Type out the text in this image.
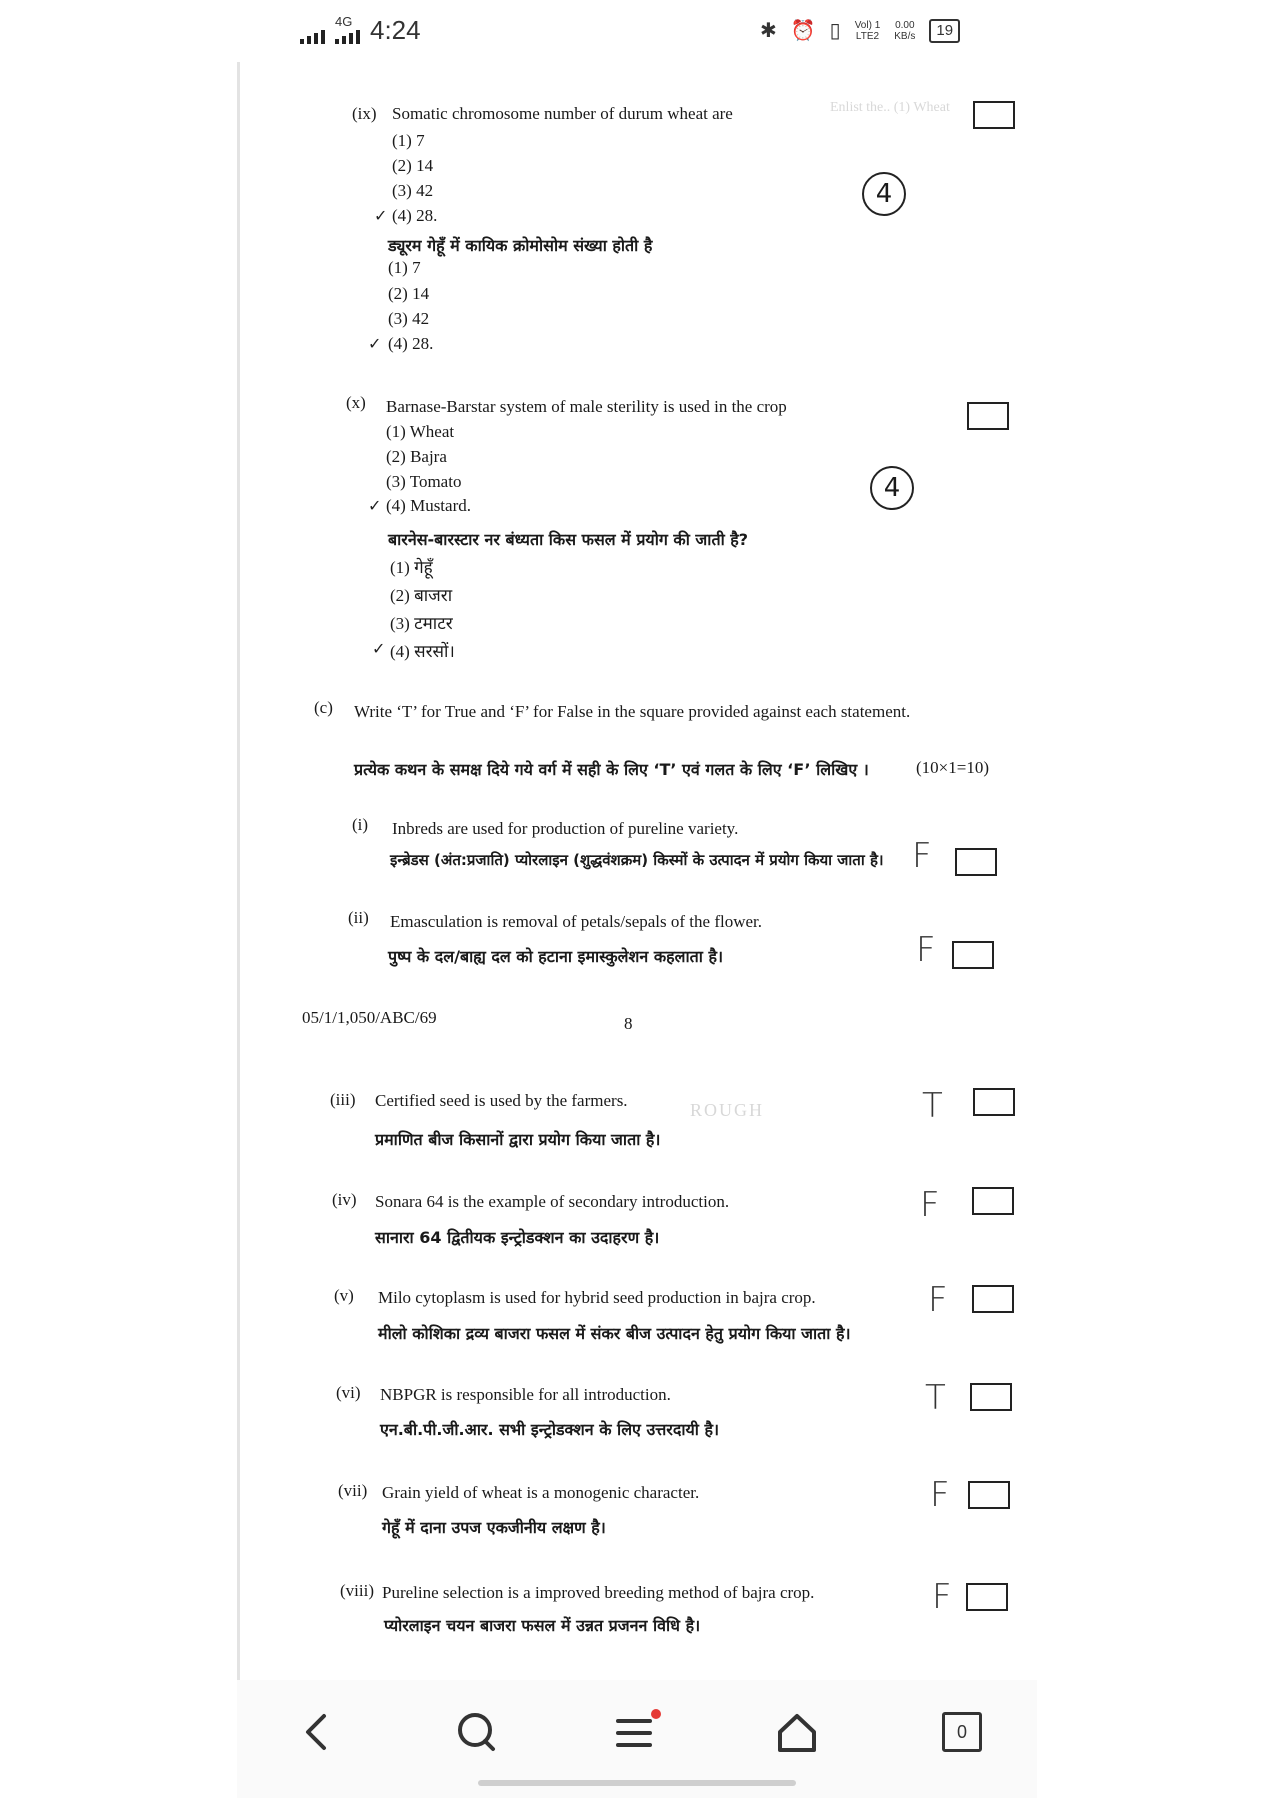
4G 4:24	✱ ⏰ ▯ Vol) 1
LTE2
0.00
KB/s	19
Enlist the.. (1) Wheat
ROUGH
(ix) Somatic chromosome number of durum wheat are
(1) 7
(2) 14
(3) 42
(4) 28.
✓
4
ड्यूरम गेहूँ में कायिक क्रोमोसोम संख्या होती है
(1) 7
(2) 14
(3) 42
(4) 28.
✓
(x) Barnase-Barstar system of male sterility is used in the crop
(1) Wheat
(2) Bajra
(3) Tomato
(4) Mustard.
✓
4
बारनेस-बारस्टार नर बंध्यता किस फसल में प्रयोग की जाती है?
(1) गेहूँ
(2) बाजरा
(3) टमाटर
(4) सरसों।
✓
(c) Write ‘T’ for True and ‘F’ for False in the square provided against each statement.
(10×1=10)
प्रत्येक कथन के समक्ष दिये गये वर्ग में सही के लिए ‘T’ एवं गलत के लिए ‘F’ लिखिए ।
(i) Inbreds are used for production of pureline variety.
इन्ब्रेडस (अंत:प्रजाति) प्योरलाइन (शुद्धवंशक्रम) किस्मों के उत्पादन में प्रयोग किया जाता है। F
(ii) Emasculation is removal of petals/sepals of the flower.
पुष्प के दल/बाह्य दल को हटाना इमास्कुलेशन कहलाता है।	F
05/1/1,050/ABC/69	8
(iii) Certified seed is used by the farmers.
प्रमाणित बीज किसानों द्वारा प्रयोग किया जाता है।
T
(iv) Sonara 64 is the example of secondary introduction.
सानारा 64 द्वितीयक इन्ट्रोडक्शन का उदाहरण है।
F
(v) Milo cytoplasm is used for hybrid seed production in bajra crop.
मीलो कोशिका द्रव्य बाजरा फसल में संकर बीज उत्पादन हेतु प्रयोग किया जाता है।
F
(vi) NBPGR is responsible for all introduction.
एन.बी.पी.जी.आर. सभी इन्ट्रोडक्शन के लिए उत्तरदायी है।
T
(vii) Grain yield of wheat is a monogenic character.
गेहूँ में दाना उपज एकजीनीय लक्षण है।
F
(viii) Pureline selection is a improved breeding method of bajra crop.
प्योरलाइन चयन बाजरा फसल में उन्नत प्रजनन विधि है।
F
0
